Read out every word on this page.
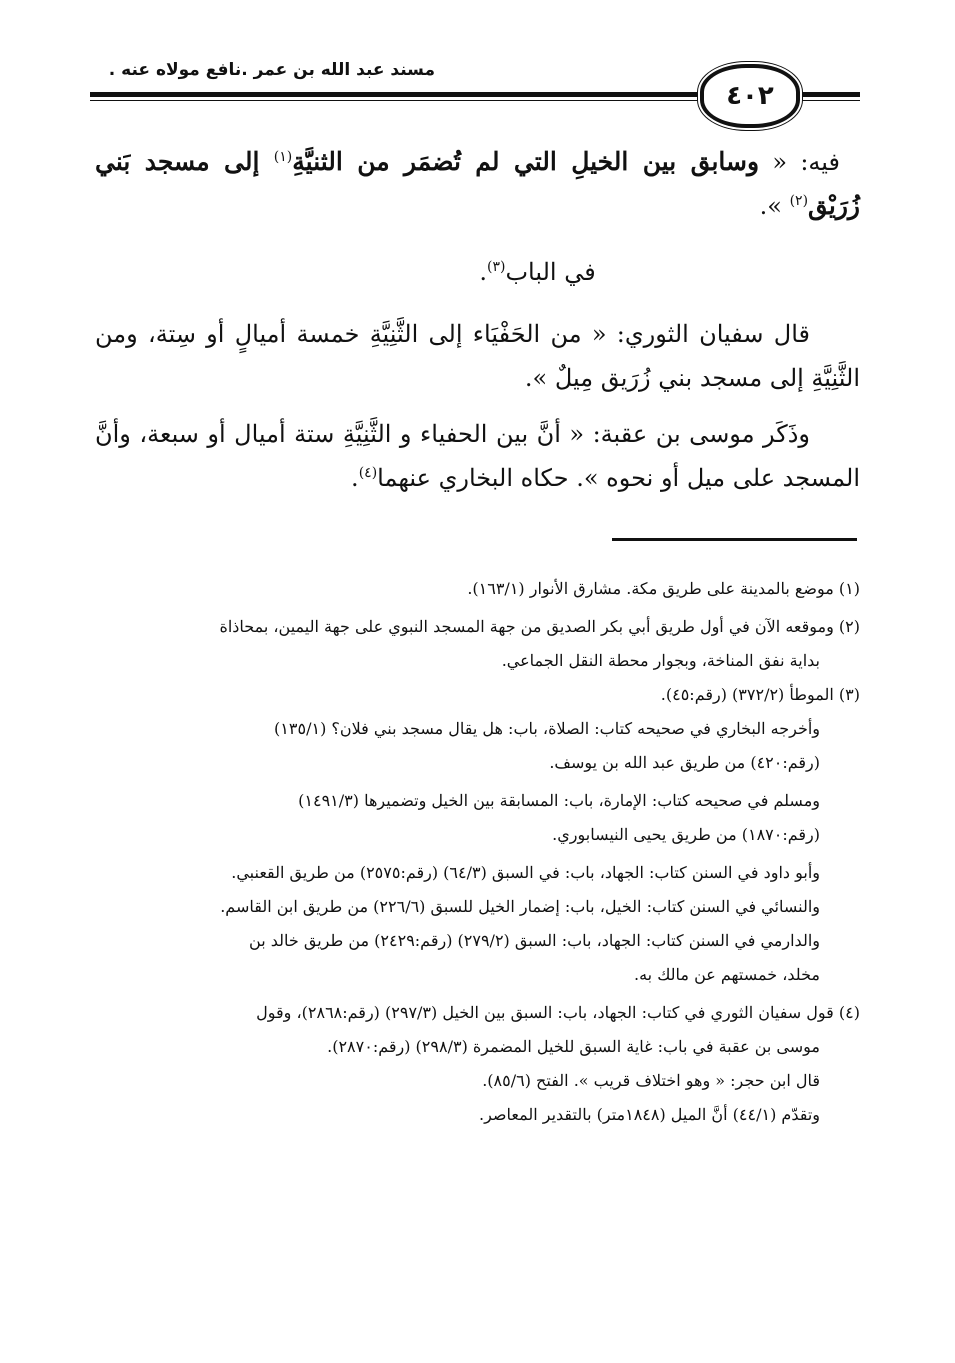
مسند عبد الله بن عمر .نافع مولاه عنه .
٤٠٢

فيه: « وسابق بين الخيلِ التي لم تُضمَر من الثنيَّةِ$^{(١)}$ إلى مسجد بَني زُرَيْق$^{(٢)}$ ».

في الباب$^{(٣)}$.

قال سفيان الثوري: « من الحَفْيَاء إلى الثَّنِيَّةِ خمسة أميالٍ أو سِتة، ومن الثَّنِيَّةِ إلى مسجد بني زُرَيق مِيلٌ ».

وذَكَر موسى بن عقبة: « أنَّ بين الحفياء و الثَّنِيَّةِ ستة أميال أو سبعة، وأنَّ المسجد على ميل أو نحوه ». حكاه البخاري عنهما$^{(٤)}$.

(١) موضع بالمدينة على طريق مكة. مشارق الأنوار (١٦٣/١).

(٢) وموقعه الآن في أول طريق أبي بكر الصديق من جهة المسجد النبوي على جهة اليمين، بمحاذاة

بداية نفق المناخة، وبجوار محطة النقل الجماعي.

(٣) الموطأ (٣٧٢/٢) (رقم:٤٥).

وأخرجه البخاري في صحيحه كتاب: الصلاة، باب: هل يقال مسجد بني فلان؟ (١٣٥/١)

(رقم:٤٢٠) من طريق عبد الله بن يوسف.

ومسلم في صحيحه كتاب: الإمارة، باب: المسابقة بين الخيل وتضميرها (١٤٩١/٣)

(رقم:١٨٧٠) من طريق يحيى النيسابوري.

وأبو داود في السنن كتاب: الجهاد، باب: في السبق (٦٤/٣) (رقم:٢٥٧٥) من طريق القعنبي.

والنسائي في السنن كتاب: الخيل، باب: إضمار الخيل للسبق (٢٢٦/٦) من طريق ابن القاسم.

والدارمي في السنن كتاب: الجهاد، باب: السبق (٢٧٩/٢) (رقم:٢٤٢٩) من طريق خالد بن

مخلد، خمستهم عن مالك به.

(٤) قول سفيان الثوري في كتاب: الجهاد، باب: السبق بين الخيل (٢٩٧/٣) (رقم:٢٨٦٨)، وقول

موسى بن عقبة في باب: غاية السبق للخيل المضمرة (٢٩٨/٣) (رقم:٢٨٧٠).

قال ابن حجر: « وهو اختلاف قريب ». الفتح (٨٥/٦).

وتقدّم (٤٤/١) أنَّ الميل (١٨٤٨متر) بالتقدير المعاصر.
